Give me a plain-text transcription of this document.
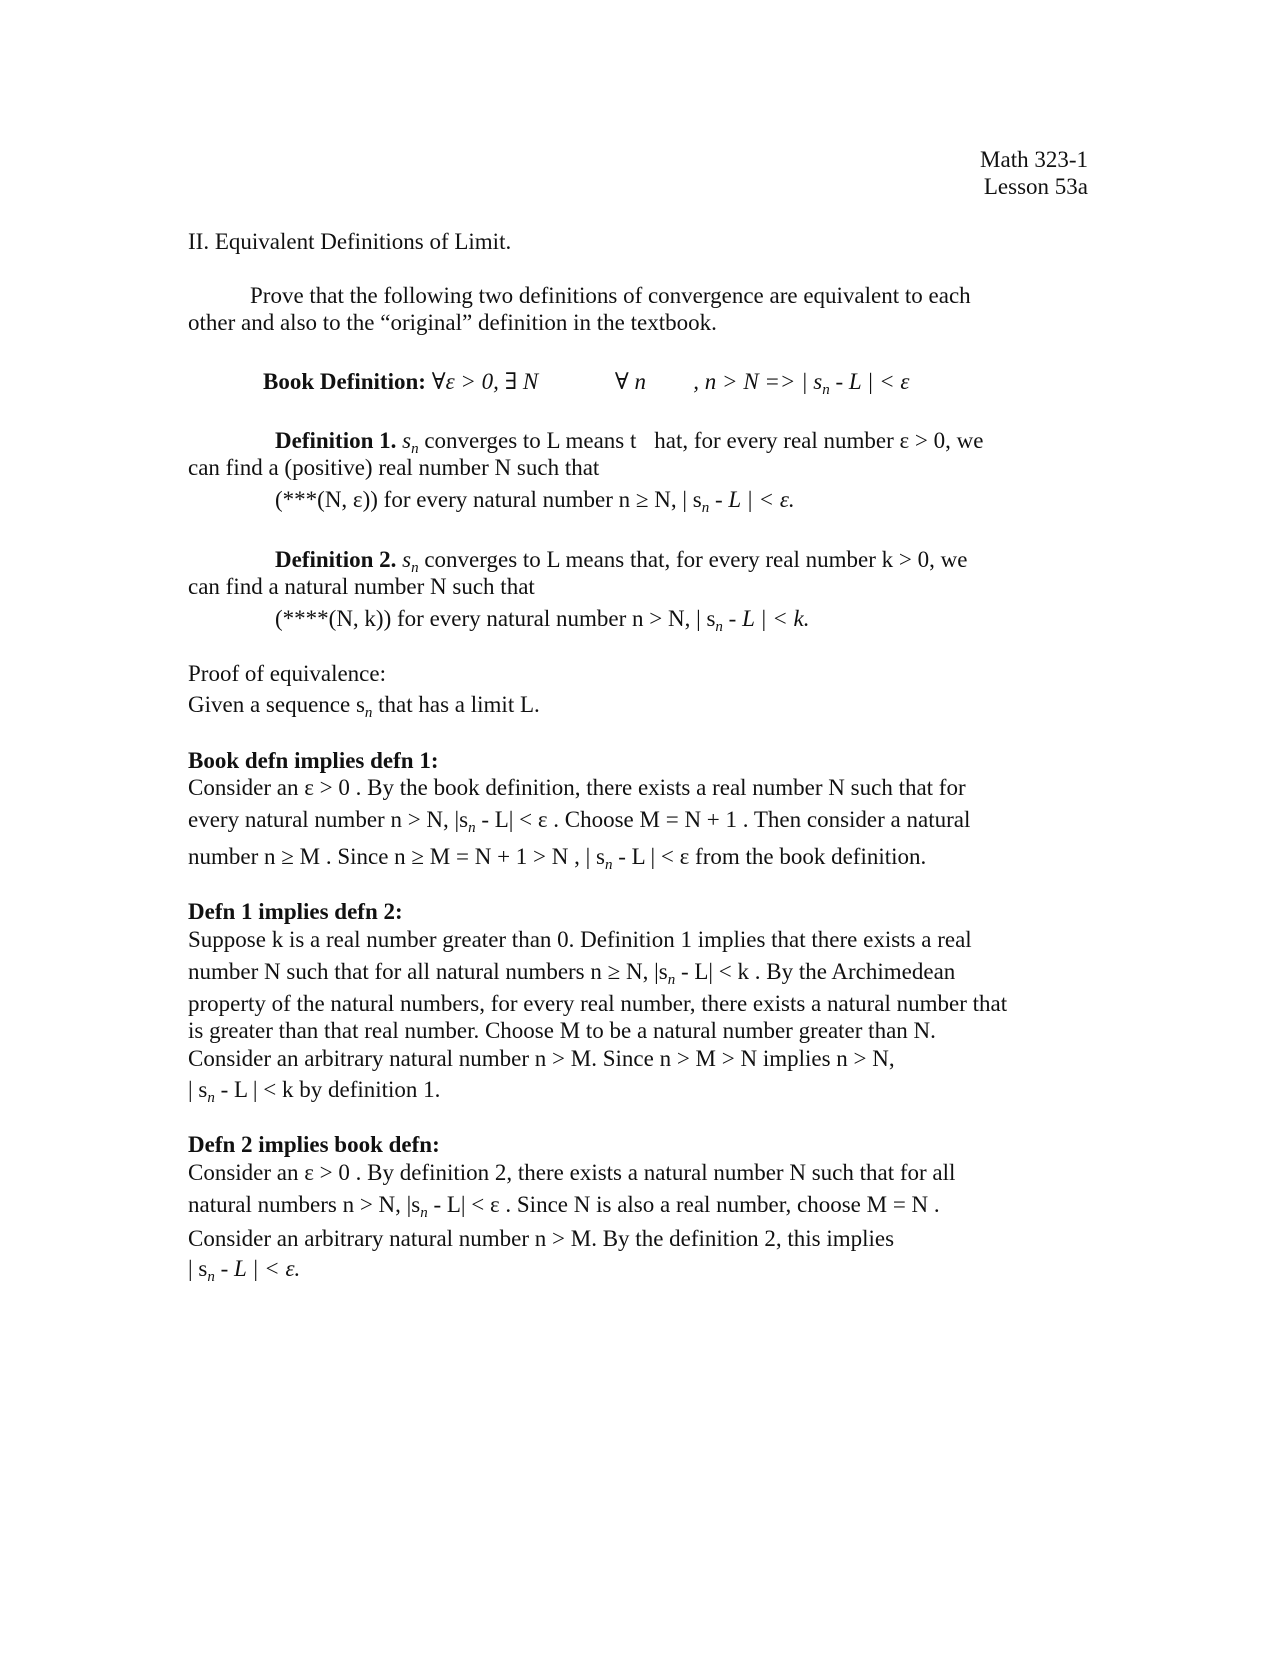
Math 323-1
Lesson 53a
II. Equivalent Definitions of Limit.
Prove that the following two definitions of convergence are equivalent to each
other and also to the “original” definition in the textbook.
Book Definition: ∀ε > 0, ∃ N ℕ ∍ ∀ n ℕ, n > N => | $s_n$ - L | < ε
Definition 1. $s_n$ converges to L means t hat, for every real number ε > 0, we
can find a (positive) real number N such that
(***(N, ε)) for every natural number n ≥ N, | $s_n$ - L | < ε.
Definition 2. $s_n$ converges to L means that, for every real number k > 0, we
can find a natural number N such that
(****(N, k)) for every natural number n > N, | $s_n$ - L | < k.
Proof of equivalence:
Given a sequence $s_n$ that has a limit L.
Book defn implies defn 1:
Consider an ε > 0 . By the book definition, there exists a real number N such that for
every natural number n > N, $|s_n - L| < \varepsilon$ . Choose M = N + 1 . Then consider a natural
number n ≥ M . Since n ≥ M = N + 1 > N , | $s_n$ - L | < ε from the book definition.
Defn 1 implies defn 2:
Suppose k is a real number greater than 0. Definition 1 implies that there exists a real
number N such that for all natural numbers n ≥ N, $|s_n - L| < k$ . By the Archimedean
property of the natural numbers, for every real number, there exists a natural number that
is greater than that real number. Choose M to be a natural number greater than N.
Consider an arbitrary natural number n > M. Since n > M > N implies n > N,
| $s_n$ - L | < k by definition 1.
Defn 2 implies book defn:
Consider an ε > 0 . By definition 2, there exists a natural number N such that for all
natural numbers n > N, $|s_n - L| < \varepsilon$ . Since N is also a real number, choose M = N .
Consider an arbitrary natural number n > M. By the definition 2, this implies
| $s_n$ - L | < ε.
